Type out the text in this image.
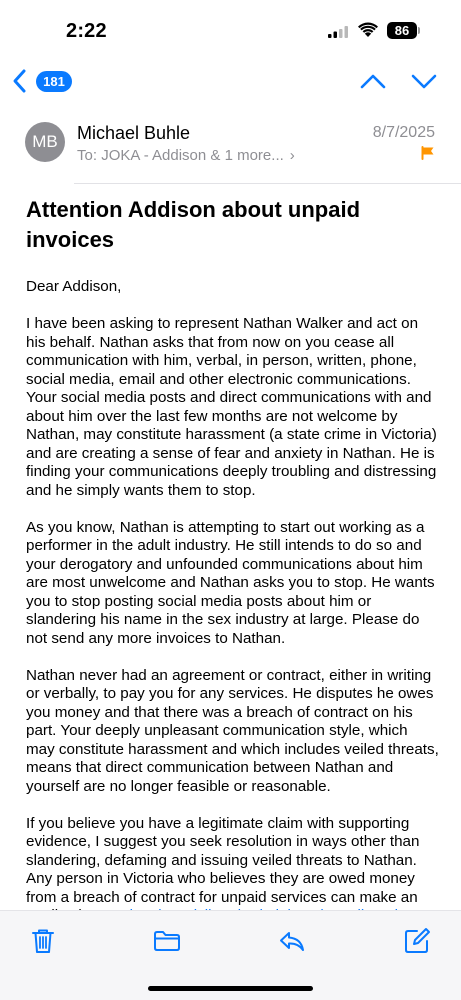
2:22	86
181
MB	Michael Buhle
To: JOKA - Addison & 1 more... ›
8/7/2025
Attention Addison about unpaid invoices

Dear Addison,

I have been asking to represent Nathan Walker and act on his behalf. Nathan asks that from now on you cease all communication with him, verbal, in person, written, phone, social media, email and other electronic communications. Your social media posts and direct communications with and about him over the last few months are not welcome by Nathan, may constitute harassment (a state crime in Victoria) and are creating a sense of fear and anxiety in Nathan. He is finding your communications deeply troubling and distressing and he simply wants them to stop.

As you know, Nathan is attempting to start out working as a performer in the adult industry. He still intends to do so and your derogatory and unfounded communications about him are most unwelcome and Nathan asks you to stop. He wants you to stop posting social media posts about him or slandering his name in the sex industry at large. Please do not send any more invoices to Nathan.

Nathan never had an agreement or contract, either in writing or verbally, to pay you for any services. He disputes he owes you money and that there was a breach of contract on his part. Your deeply unpleasant communication style, which may constitute harassment and which includes veiled threats, means that direct communication between Nathan and yourself are no longer feasible or reasonable.

If you believe you have a legitimate claim with supporting evidence, I suggest you seek resolution in ways other than slandering, defaming and issuing veiled threats to Nathan. Any person in Victoria who believes they are owed money from a breach of contract for unpaid services can make an
